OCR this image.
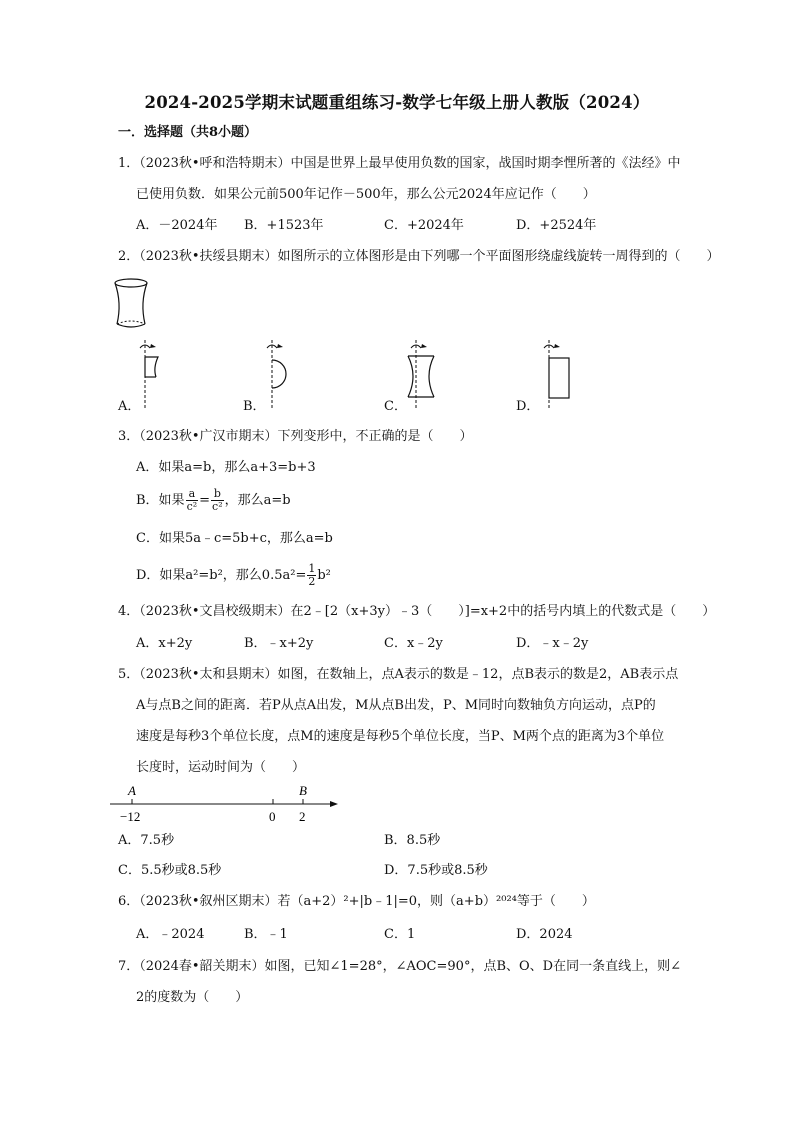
2024-2025学期末试题重组练习-数学七年级上册人教版（2024）
一．选择题（共8小题）
1．（2023秋•呼和浩特期末）中国是世界上最早使用负数的国家，战国时期李悝所著的《法经》中
已使用负数．如果公元前500年记作－500年，那么公元2024年应记作（　　）
A．－2024年 B．+1523年	C．+2024年	D．+2524年
2．（2023秋•扶绥县期末）如图所示的立体图形是由下列哪一个平面图形绕虚线旋转一周得到的（　　）
A．	B．	C．	D．
3．（2023秋•广汉市期末）下列变形中，不正确的是（　　）
A．如果a=b，那么a+3=b+3
B．如果 $\frac{a}{\text{c²}} = \frac{b}{\text{c²}}$ ，那么a=b
C．如果5a﹣c=5b+c，那么a=b
D．如果a²=b²，那么$0.5a^2= \frac{1}{2} b^2$
4．（2023秋•文昌校级期末）在2﹣[2（x+3y）﹣3（　　）]=x+2中的括号内填上的代数式是（　　）
A．x+2y	B．﹣x+2y	C．x﹣2y	D．﹣x﹣2y
5．（2023秋•太和县期末）如图，在数轴上，点A表示的数是﹣12，点B表示的数是2，AB表示点
A与点B之间的距离．若P从点A出发，M从点B出发，P、M同时向数轴负方向运动，点P的
速度是每秒3个单位长度，点M的速度是每秒5个单位长度，当P、M两个点的距离为3个单位
长度时，运动时间为（　　）
A	B
−12	0 2
A．7.5秒	B．8.5秒
C．5.5秒或8.5秒	D．7.5秒或8.5秒
6．（2023秋•叙州区期末）若（a+2）²+|b﹣1|=0，则（a+b）²⁰²⁴等于（　　）
A．﹣2024	B．﹣1	C．1	D．2024
7．（2024春•韶关期末）如图，已知∠1=28°，∠AOC=90°，点B、O、D在同一条直线上，则∠
2的度数为（　　）
